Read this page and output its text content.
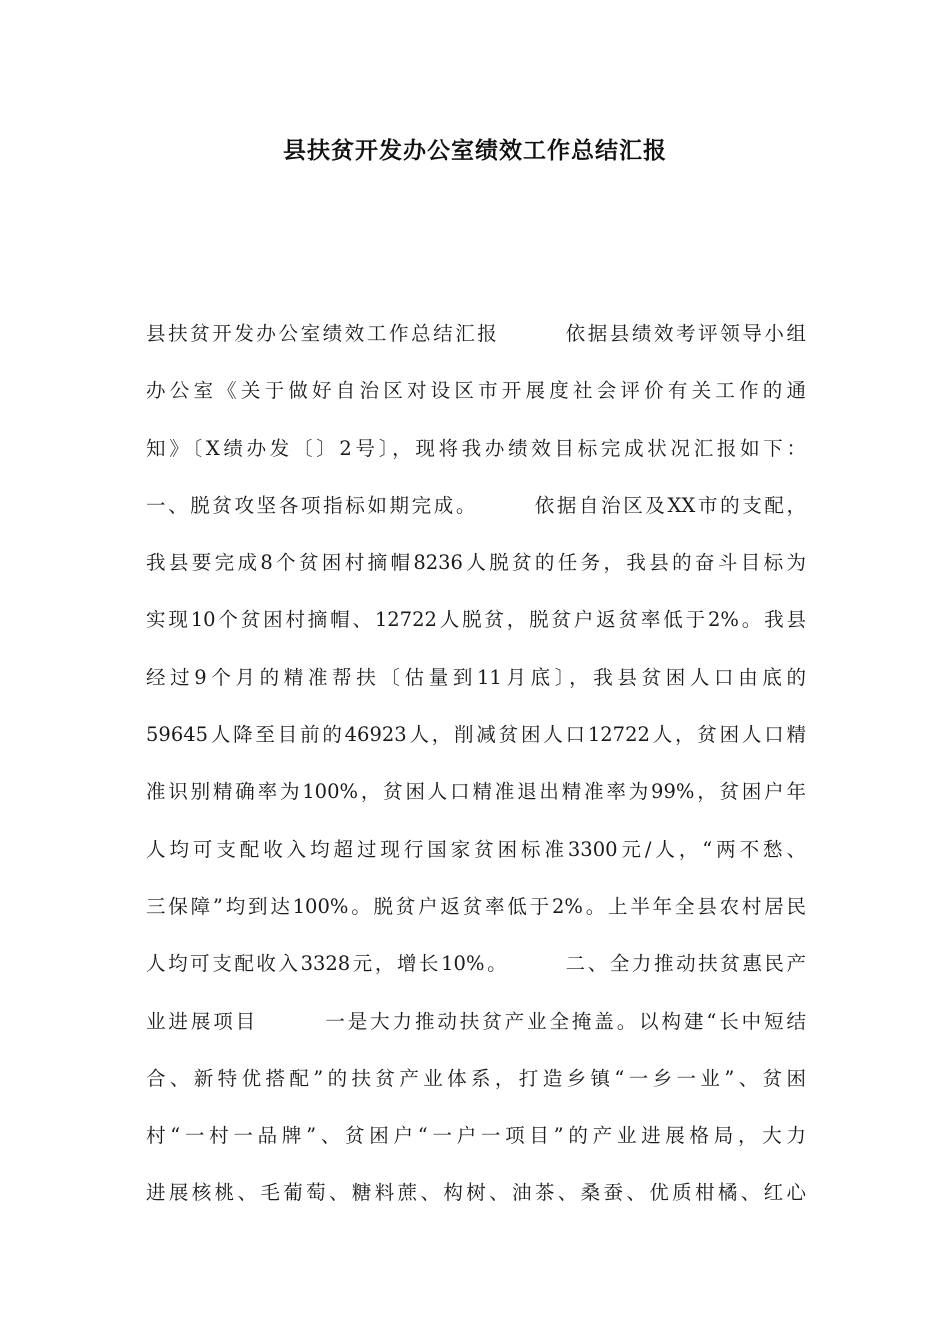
县扶贫开发办公室绩效工作总结汇报
县扶贫开发办公室绩效工作总结汇报　　　依据县绩效考评领导小组
办公室《关于做好自治区对设区市开展度社会评价有关工作的通
知》〔X绩办发〔〕2号〕，现将我办绩效目标完成状况汇报如下：
一、脱贫攻坚各项指标如期完成。　　　依据自治区及XX市的支配，
我县要完成8个贫困村摘帽8236人脱贫的任务，我县的奋斗目标为
实现10个贫困村摘帽、12722人脱贫，脱贫户返贫率低于2%。我县
经过9个月的精准帮扶〔估量到11月底〕，我县贫困人口由底的
59645人降至目前的46923人，削减贫困人口12722人，贫困人口精
准识别精确率为100%，贫困人口精准退出精准率为99%，贫困户年
人均可支配收入均超过现行国家贫困标准3300元/人，“两不愁、
三保障”均到达100%。脱贫户返贫率低于2%。上半年全县农村居民
人均可支配收入3328元，增长10%。　　　二、全力推动扶贫惠民产
业进展项目　　　一是大力推动扶贫产业全掩盖。以构建“长中短结
合、新特优搭配”的扶贫产业体系，打造乡镇“一乡一业”、贫困
村“一村一品牌”、贫困户“一户一项目”的产业进展格局，大力
进展核桃、毛葡萄、糖料蔗、构树、油茶、桑蚕、优质柑橘、红心
